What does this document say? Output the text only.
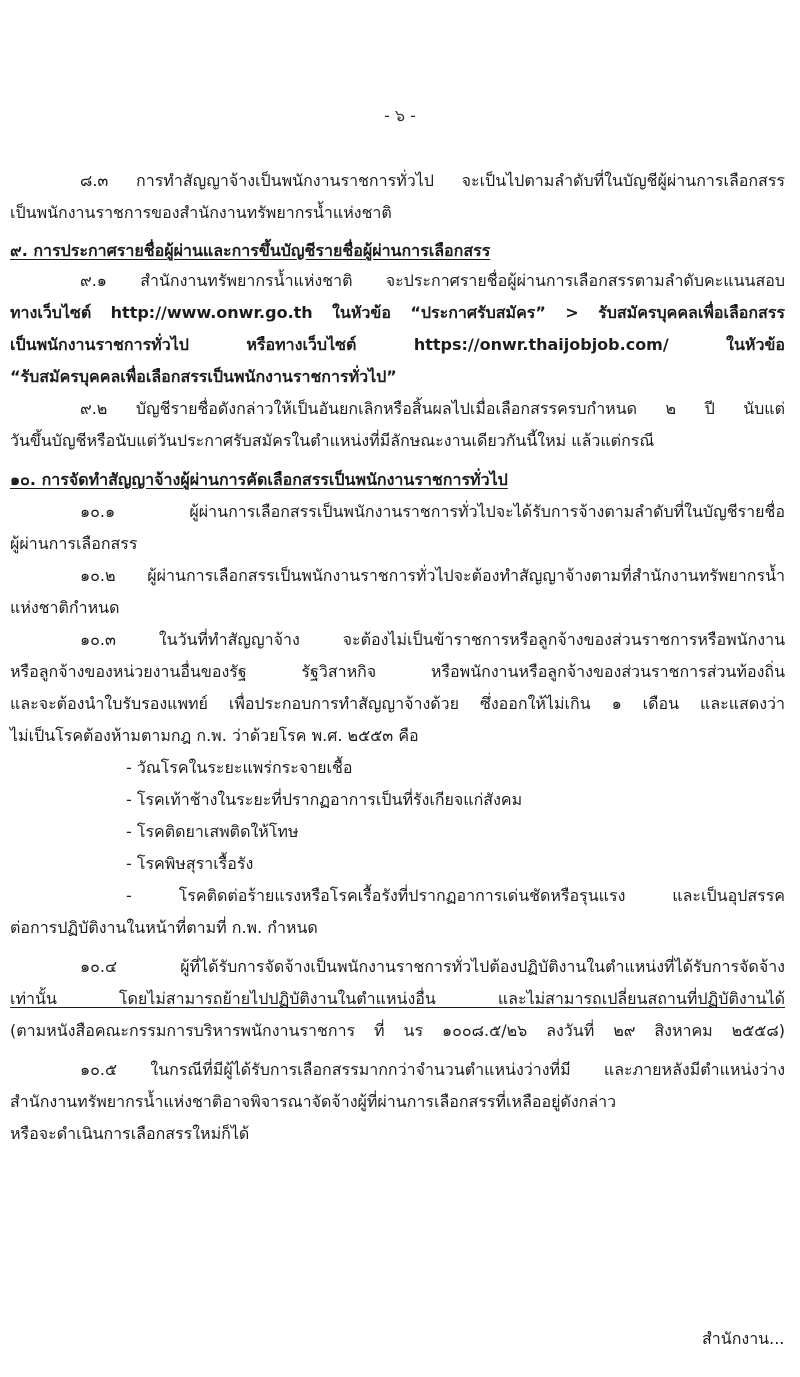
- ๖ -
๘.๓ การทำสัญญาจ้างเป็นพนักงานราชการทั่วไป จะเป็นไปตามลำดับที่ในบัญชีผู้ผ่านการเลือกสรร
เป็นพนักงานราชการของสำนักงานทรัพยากรน้ำแห่งชาติ
๙. การประกาศรายชื่อผู้ผ่านและการขึ้นบัญชีรายชื่อผู้ผ่านการเลือกสรร
๙.๑ สำนักงานทรัพยากรน้ำแห่งชาติ จะประกาศรายชื่อผู้ผ่านการเลือกสรรตามลำดับคะแนนสอบ
ทางเว็บไซต์ http://www.onwr.go.th ในหัวข้อ “ประกาศรับสมัคร” > รับสมัครบุคคลเพื่อเลือกสรร
เป็นพนักงานราชการทั่วไป หรือทางเว็บไซต์ https://onwr.thaijobjob.com/ ในหัวข้อ
“รับสมัครบุคคลเพื่อเลือกสรรเป็นพนักงานราชการทั่วไป”
๙.๒ บัญชีรายชื่อดังกล่าวให้เป็นอันยกเลิกหรือสิ้นผลไปเมื่อเลือกสรรครบกำหนด ๒ ปี นับแต่
วันขึ้นบัญชีหรือนับแต่วันประกาศรับสมัครในตำแหน่งที่มีลักษณะงานเดียวกันนี้ใหม่ แล้วแต่กรณี
๑๐. การจัดทำสัญญาจ้างผู้ผ่านการคัดเลือกสรรเป็นพนักงานราชการทั่วไป
๑๐.๑ ผู้ผ่านการเลือกสรรเป็นพนักงานราชการทั่วไปจะได้รับการจ้างตามลำดับที่ในบัญชีรายชื่อ
ผู้ผ่านการเลือกสรร
๑๐.๒ ผู้ผ่านการเลือกสรรเป็นพนักงานราชการทั่วไปจะต้องทำสัญญาจ้างตามที่สำนักงานทรัพยากรน้ำ
แห่งชาติกำหนด
๑๐.๓ ในวันที่ทำสัญญาจ้าง จะต้องไม่เป็นข้าราชการหรือลูกจ้างของส่วนราชการหรือพนักงาน
หรือลูกจ้างของหน่วยงานอื่นของรัฐ รัฐวิสาหกิจ หรือพนักงานหรือลูกจ้างของส่วนราชการส่วนท้องถิ่น
และจะต้องนำใบรับรองแพทย์ เพื่อประกอบการทำสัญญาจ้างด้วย ซึ่งออกให้ไม่เกิน ๑ เดือน และแสดงว่า
ไม่เป็นโรคต้องห้ามตามกฎ ก.พ. ว่าด้วยโรค พ.ศ. ๒๕๕๓ คือ
- วัณโรคในระยะแพร่กระจายเชื้อ
- โรคเท้าช้างในระยะที่ปรากฏอาการเป็นที่รังเกียจแก่สังคม
- โรคติดยาเสพติดให้โทษ
- โรคพิษสุราเรื้อรัง
- โรคติดต่อร้ายแรงหรือโรคเรื้อรังที่ปรากฏอาการเด่นชัดหรือรุนแรง และเป็นอุปสรรค
ต่อการปฏิบัติงานในหน้าที่ตามที่ ก.พ. กำหนด
๑๐.๔ ผู้ที่ได้รับการจัดจ้างเป็นพนักงานราชการทั่วไปต้องปฏิบัติงานในตำแหน่งที่ได้รับการจัดจ้าง
เท่านั้น โดยไม่สามารถย้ายไปปฏิบัติงานในตำแหน่งอื่น และไม่สามารถเปลี่ยนสถานที่ปฏิบัติงานได้
(ตามหนังสือคณะกรรมการบริหารพนักงานราชการ ที่ นร ๑๐๐๘.๕/๒๖ ลงวันที่ ๒๙ สิงหาคม ๒๕๕๘)
๑๐.๕ ในกรณีที่มีผู้ได้รับการเลือกสรรมากกว่าจำนวนตำแหน่งว่างที่มี และภายหลังมีตำแหน่งว่าง
สำนักงานทรัพยากรน้ำแห่งชาติอาจพิจารณาจัดจ้างผู้ที่ผ่านการเลือกสรรที่เหลืออยู่ดังกล่าว
หรือจะดำเนินการเลือกสรรใหม่ก็ได้
สำนักงาน...
